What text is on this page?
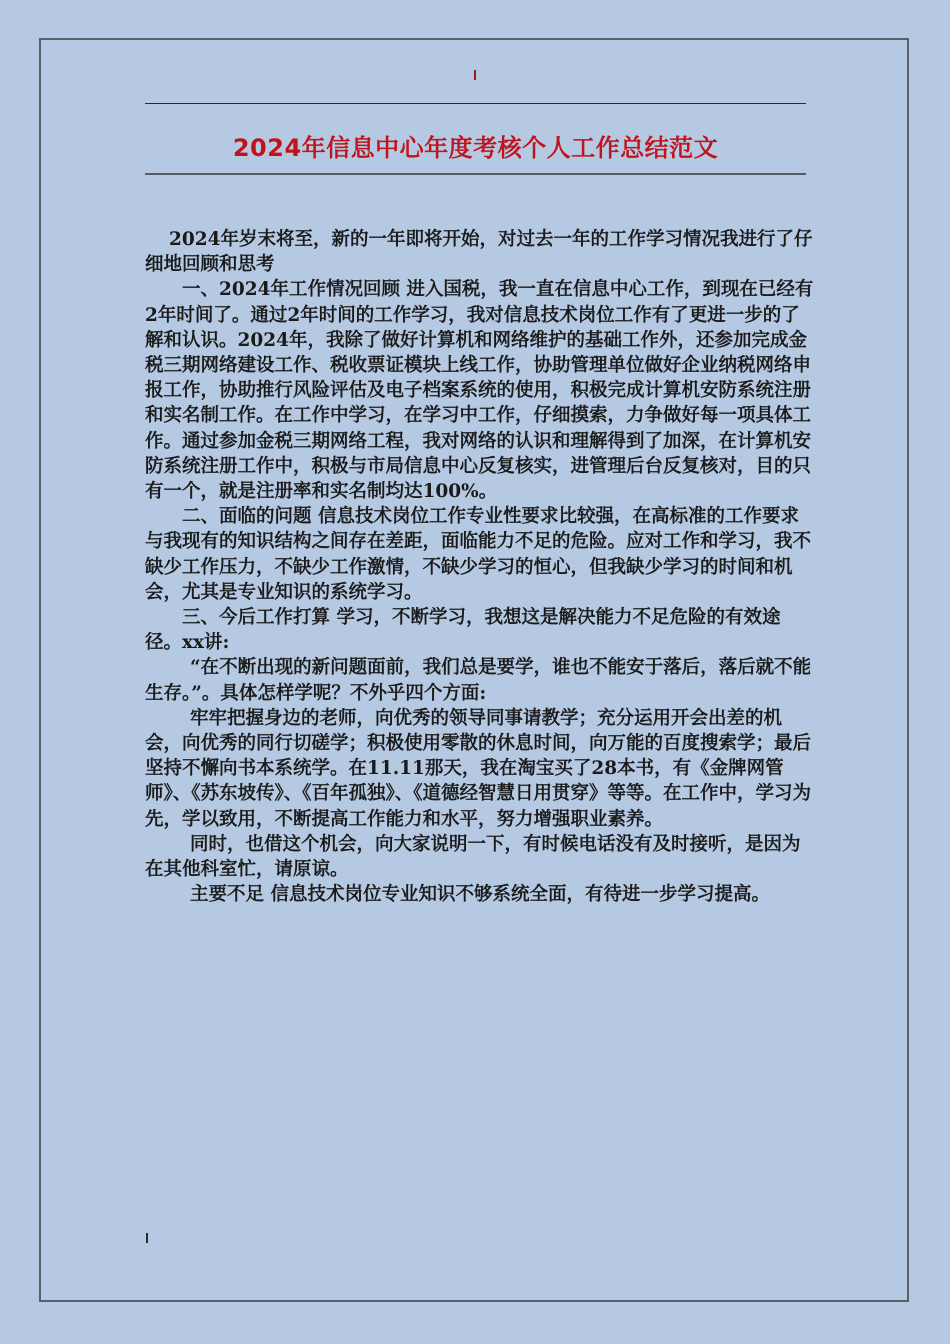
2024年信息中心年度考核个人工作总结范文

2024年岁末将至，新的一年即将开始，对过去一年的工作学习情况我进行了仔细地回顾和思考

一、2024年工作情况回顾 进入国税，我一直在信息中心工作，到现在已经有2年时间了。通过2年时间的工作学习，我对信息技术岗位工作有了更进一步的了解和认识。2024年，我除了做好计算机和网络维护的基础工作外，还参加完成金税三期网络建设工作、税收票证模块上线工作，协助管理单位做好企业纳税网络申报工作，协助推行风险评估及电子档案系统的使用，积极完成计算机安防系统注册和实名制工作。在工作中学习，在学习中工作，仔细摸索，力争做好每一项具体工作。通过参加金税三期网络工程，我对网络的认识和理解得到了加深，在计算机安防系统注册工作中，积极与市局信息中心反复核实，进管理后台反复核对，目的只有一个，就是注册率和实名制均达100%。

二、面临的问题 信息技术岗位工作专业性要求比较强，在高标准的工作要求与我现有的知识结构之间存在差距，面临能力不足的危险。应对工作和学习，我不缺少工作压力，不缺少工作激情，不缺少学习的恒心，但我缺少学习的时间和机会，尤其是专业知识的系统学习。

三、今后工作打算 学习，不断学习，我想这是解决能力不足危险的有效途径。xx讲:

“在不断出现的新问题面前，我们总是要学，谁也不能安于落后，落后就不能生存。”。具体怎样学呢？不外乎四个方面:

牢牢把握身边的老师，向优秀的领导同事请教学；充分运用开会出差的机会，向优秀的同行切磋学；积极使用零散的休息时间，向万能的百度搜索学；最后坚持不懈向书本系统学。在11.11那天，我在淘宝买了28本书，有《金牌网管师》、《苏东坡传》、《百年孤独》、《道德经智慧日用贯穿》等等。在工作中，学习为先，学以致用，不断提高工作能力和水平，努力增强职业素养。

同时，也借这个机会，向大家说明一下，有时候电话没有及时接听，是因为在其他科室忙，请原谅。

主要不足 信息技术岗位专业知识不够系统全面，有待进一步学习提高。
